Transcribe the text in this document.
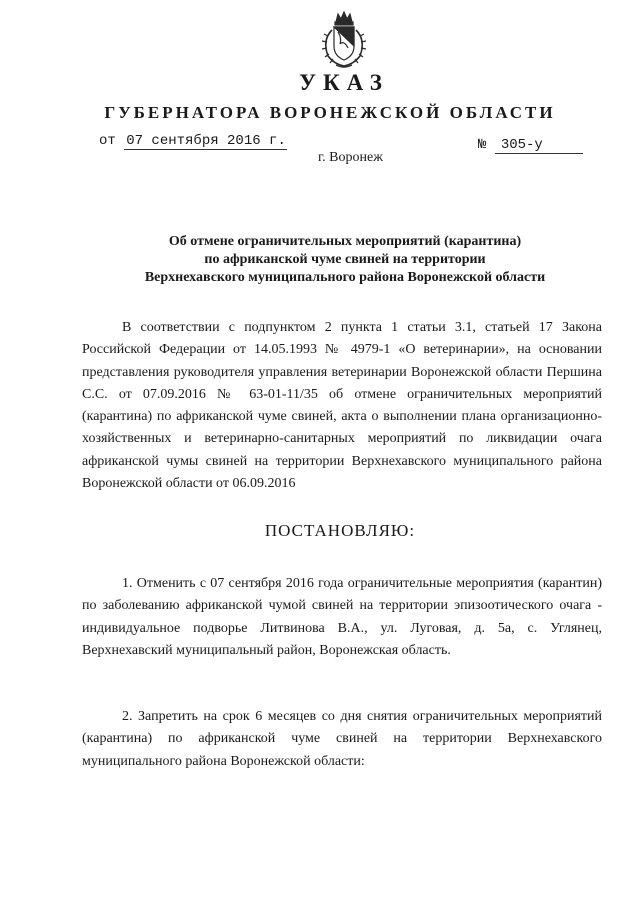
УКАЗ
ГУБЕРНАТОРА ВОРОНЕЖСКОЙ ОБЛАСТИ
от 07 сентября 2016 г.	№ 305-у
г. Воронеж
Об отмене ограничительных мероприятий (карантина)
по африканской чуме свиней на территории
Верхнехавского муниципального района Воронежской области

В соответствии с подпунктом 2 пункта 1 статьи 3.1, статьей 17 Закона Российской Федерации от 14.05.1993 № 4979-1 «О ветеринарии», на основании представления руководителя управления ветеринарии Воронежской области Першина С.С. от 07.09.2016 № 63-01-11/35 об отмене ограничительных мероприятий (карантина) по африканской чуме свиней, акта о выполнении плана организационно-хозяйственных и ветеринарно-санитарных мероприятий по ликвидации очага африканской чумы свиней на территории Верхнехавского муниципального района Воронежской области от 06.09.2016

ПОСТАНОВЛЯЮ:

1. Отменить с 07 сентября 2016 года ограничительные мероприятия (карантин) по заболеванию африканской чумой свиней на территории эпизоотического очага - индивидуальное подворье Литвинова В.А., ул. Луговая, д. 5а, с. Углянец, Верхнехавский муниципальный район, Воронежская область.

2. Запретить на срок 6 месяцев со дня снятия ограничительных мероприятий (карантина) по африканской чуме свиней на территории Верхнехавского муниципального района Воронежской области:
